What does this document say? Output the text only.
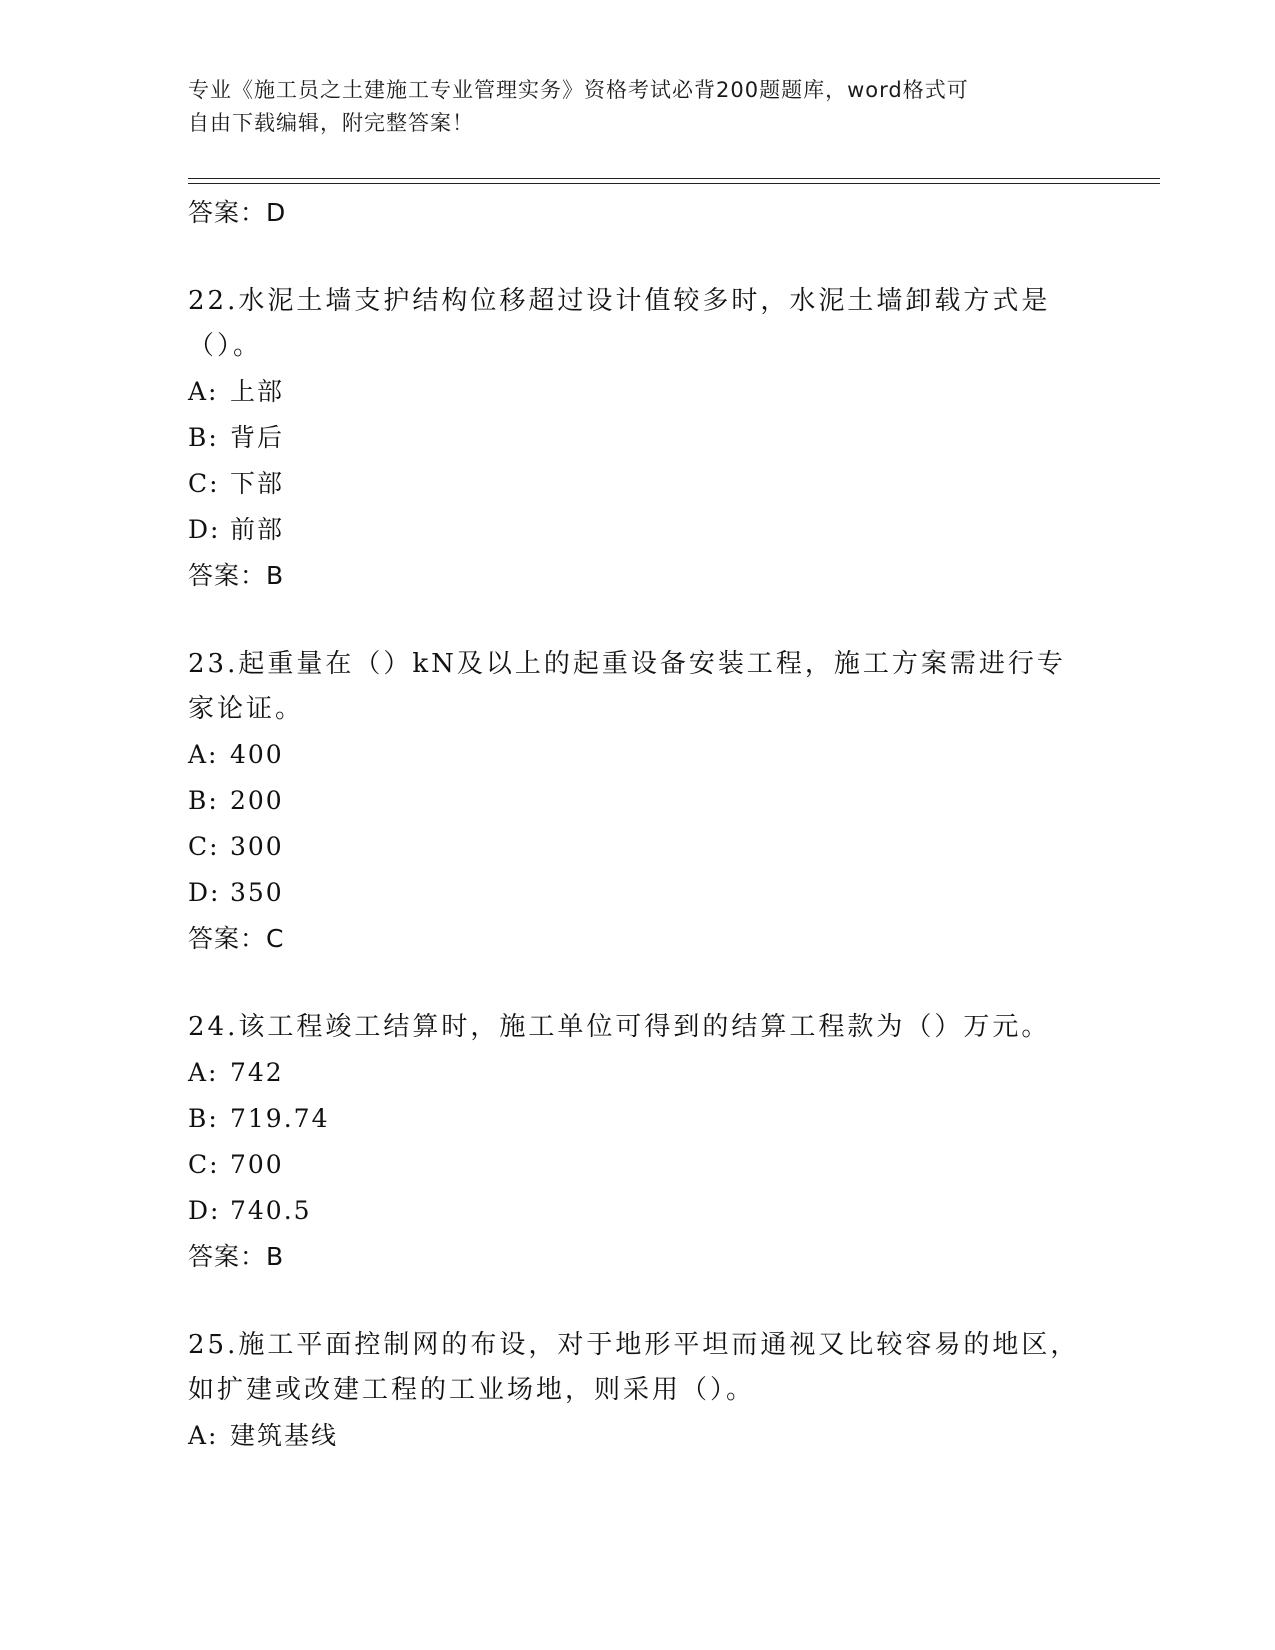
专业《施工员之土建施工专业管理实务》资格考试必背200题题库，word格式可
自由下载编辑，附完整答案！
答案：D
22.水泥土墙支护结构位移超过设计值较多时，水泥土墙卸载方式是（）。
A: 上部
B: 背后
C: 下部
D: 前部
答案：B
23.起重量在（）kN及以上的起重设备安装工程，施工方案需进行专家论证。
A: 400
B: 200
C: 300
D: 350
答案：C
24.该工程竣工结算时，施工单位可得到的结算工程款为（）万元。
A: 742
B: 719.74
C: 700
D: 740.5
答案：B
25.施工平面控制网的布设，对于地形平坦而通视又比较容易的地区，如扩建或改建工程的工业场地，则采用（）。
A: 建筑基线
